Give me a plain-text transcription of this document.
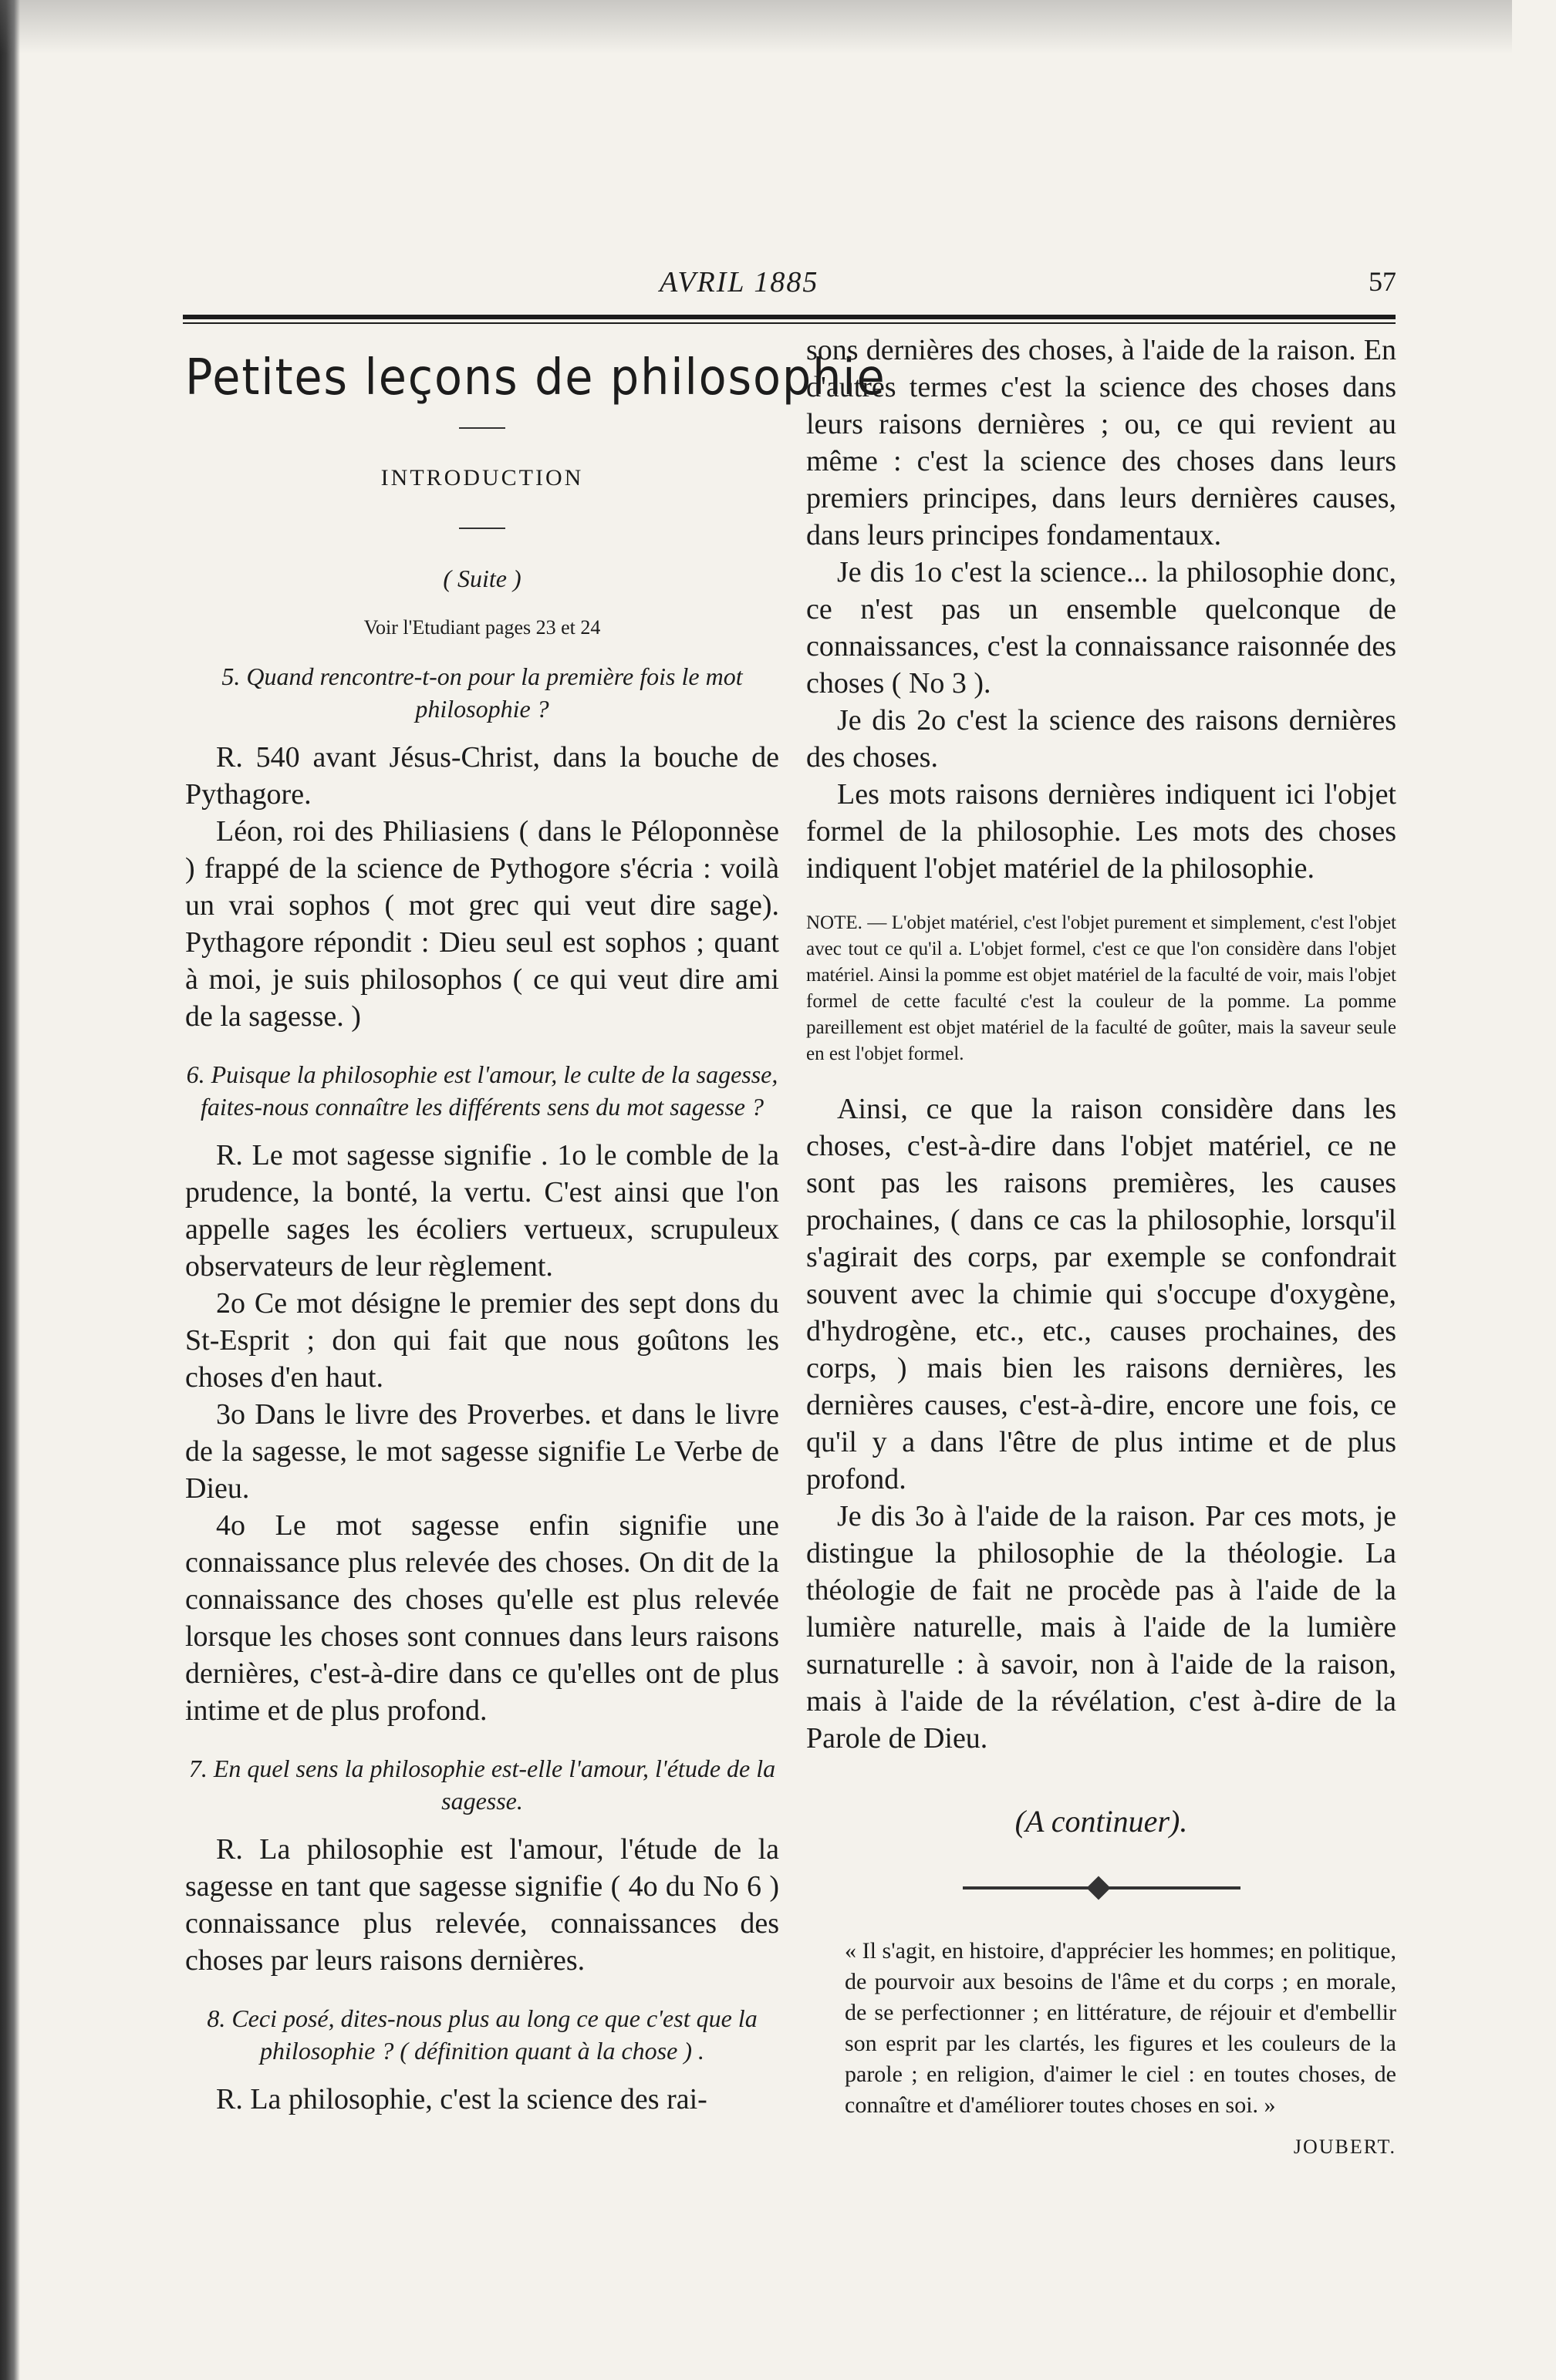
AVRIL 1885	57
Petites leçons de philosophie
INTRODUCTION
( Suite )
Voir l'Etudiant pages 23 et 24
5. Quand rencontre-t-on pour la première fois le mot philosophie ?

R. 540 avant Jésus-Christ, dans la bouche de Pythagore.

Léon, roi des Philiasiens ( dans le Péloponnèse ) frappé de la science de Pythogore s'écria : voilà un vrai sophos ( mot grec qui veut dire sage). Pythagore répondit : Dieu seul est sophos ; quant à moi, je suis philosophos ( ce qui veut dire ami de la sagesse. )

6. Puisque la philosophie est l'amour, le culte de la sagesse, faites-nous connaître les différents sens du mot sagesse ?

R. Le mot sagesse signifie . 1o le comble de la prudence, la bonté, la vertu. C'est ainsi que l'on appelle sages les écoliers vertueux, scrupuleux observateurs de leur règlement.

2o Ce mot désigne le premier des sept dons du St-Esprit ; don qui fait que nous goûtons les choses d'en haut.

3o Dans le livre des Proverbes. et dans le livre de la sagesse, le mot sagesse signifie Le Verbe de Dieu.

4o Le mot sagesse enfin signifie une connaissance plus relevée des choses. On dit de la connaissance des choses qu'elle est plus relevée lorsque les choses sont connues dans leurs raisons dernières, c'est-à-dire dans ce qu'elles ont de plus intime et de plus profond.

7. En quel sens la philosophie est-elle l'amour, l'étude de la sagesse.

R. La philosophie est l'amour, l'étude de la sagesse en tant que sagesse signifie ( 4o du No 6 ) connaissance plus relevée, connaissances des choses par leurs raisons dernières.

8. Ceci posé, dites-nous plus au long ce que c'est que la philosophie ? ( définition quant à la chose ) .

R. La philosophie, c'est la science des rai-

sons dernières des choses, à l'aide de la raison. En d'autres termes c'est la science des choses dans leurs raisons dernières ; ou, ce qui revient au même : c'est la science des choses dans leurs premiers principes, dans leurs dernières causes, dans leurs principes fondamentaux.

Je dis 1o c'est la science... la philosophie donc, ce n'est pas un ensemble quelconque de connaissances, c'est la connaissance raisonnée des choses ( No 3 ).

Je dis 2o c'est la science des raisons dernières des choses.

Les mots raisons dernières indiquent ici l'objet formel de la philosophie. Les mots des choses indiquent l'objet matériel de la philosophie.

NOTE. — L'objet matériel, c'est l'objet purement et simplement, c'est l'objet avec tout ce qu'il a. L'objet formel, c'est ce que l'on considère dans l'objet matériel. Ainsi la pomme est objet matériel de la faculté de voir, mais l'objet formel de cette faculté c'est la couleur de la pomme. La pomme pareillement est objet matériel de la faculté de goûter, mais la saveur seule en est l'objet formel.

Ainsi, ce que la raison considère dans les choses, c'est-à-dire dans l'objet matériel, ce ne sont pas les raisons premières, les causes prochaines, ( dans ce cas la philosophie, lorsqu'il s'agirait des corps, par exemple se confondrait souvent avec la chimie qui s'occupe d'oxygène, d'hydrogène, etc., etc., causes prochaines, des corps, ) mais bien les raisons dernières, les dernières causes, c'est-à-dire, encore une fois, ce qu'il y a dans l'être de plus intime et de plus profond.

Je dis 3o à l'aide de la raison. Par ces mots, je distingue la philosophie de la théologie. La théologie de fait ne procède pas à l'aide de la lumière naturelle, mais à l'aide de la lumière surnaturelle : à savoir, non à l'aide de la raison, mais à l'aide de la révélation, c'est à-dire de la Parole de Dieu.

(A continuer).
« Il s'agit, en histoire, d'apprécier les hommes; en politique, de pourvoir aux besoins de l'âme et du corps ; en morale, de se perfectionner ; en littérature, de réjouir et d'embellir son esprit par les clartés, les figures et les couleurs de la parole ; en religion, d'aimer le ciel : en toutes choses, de connaître et d'améliorer toutes choses en soi. »
JOUBERT.
